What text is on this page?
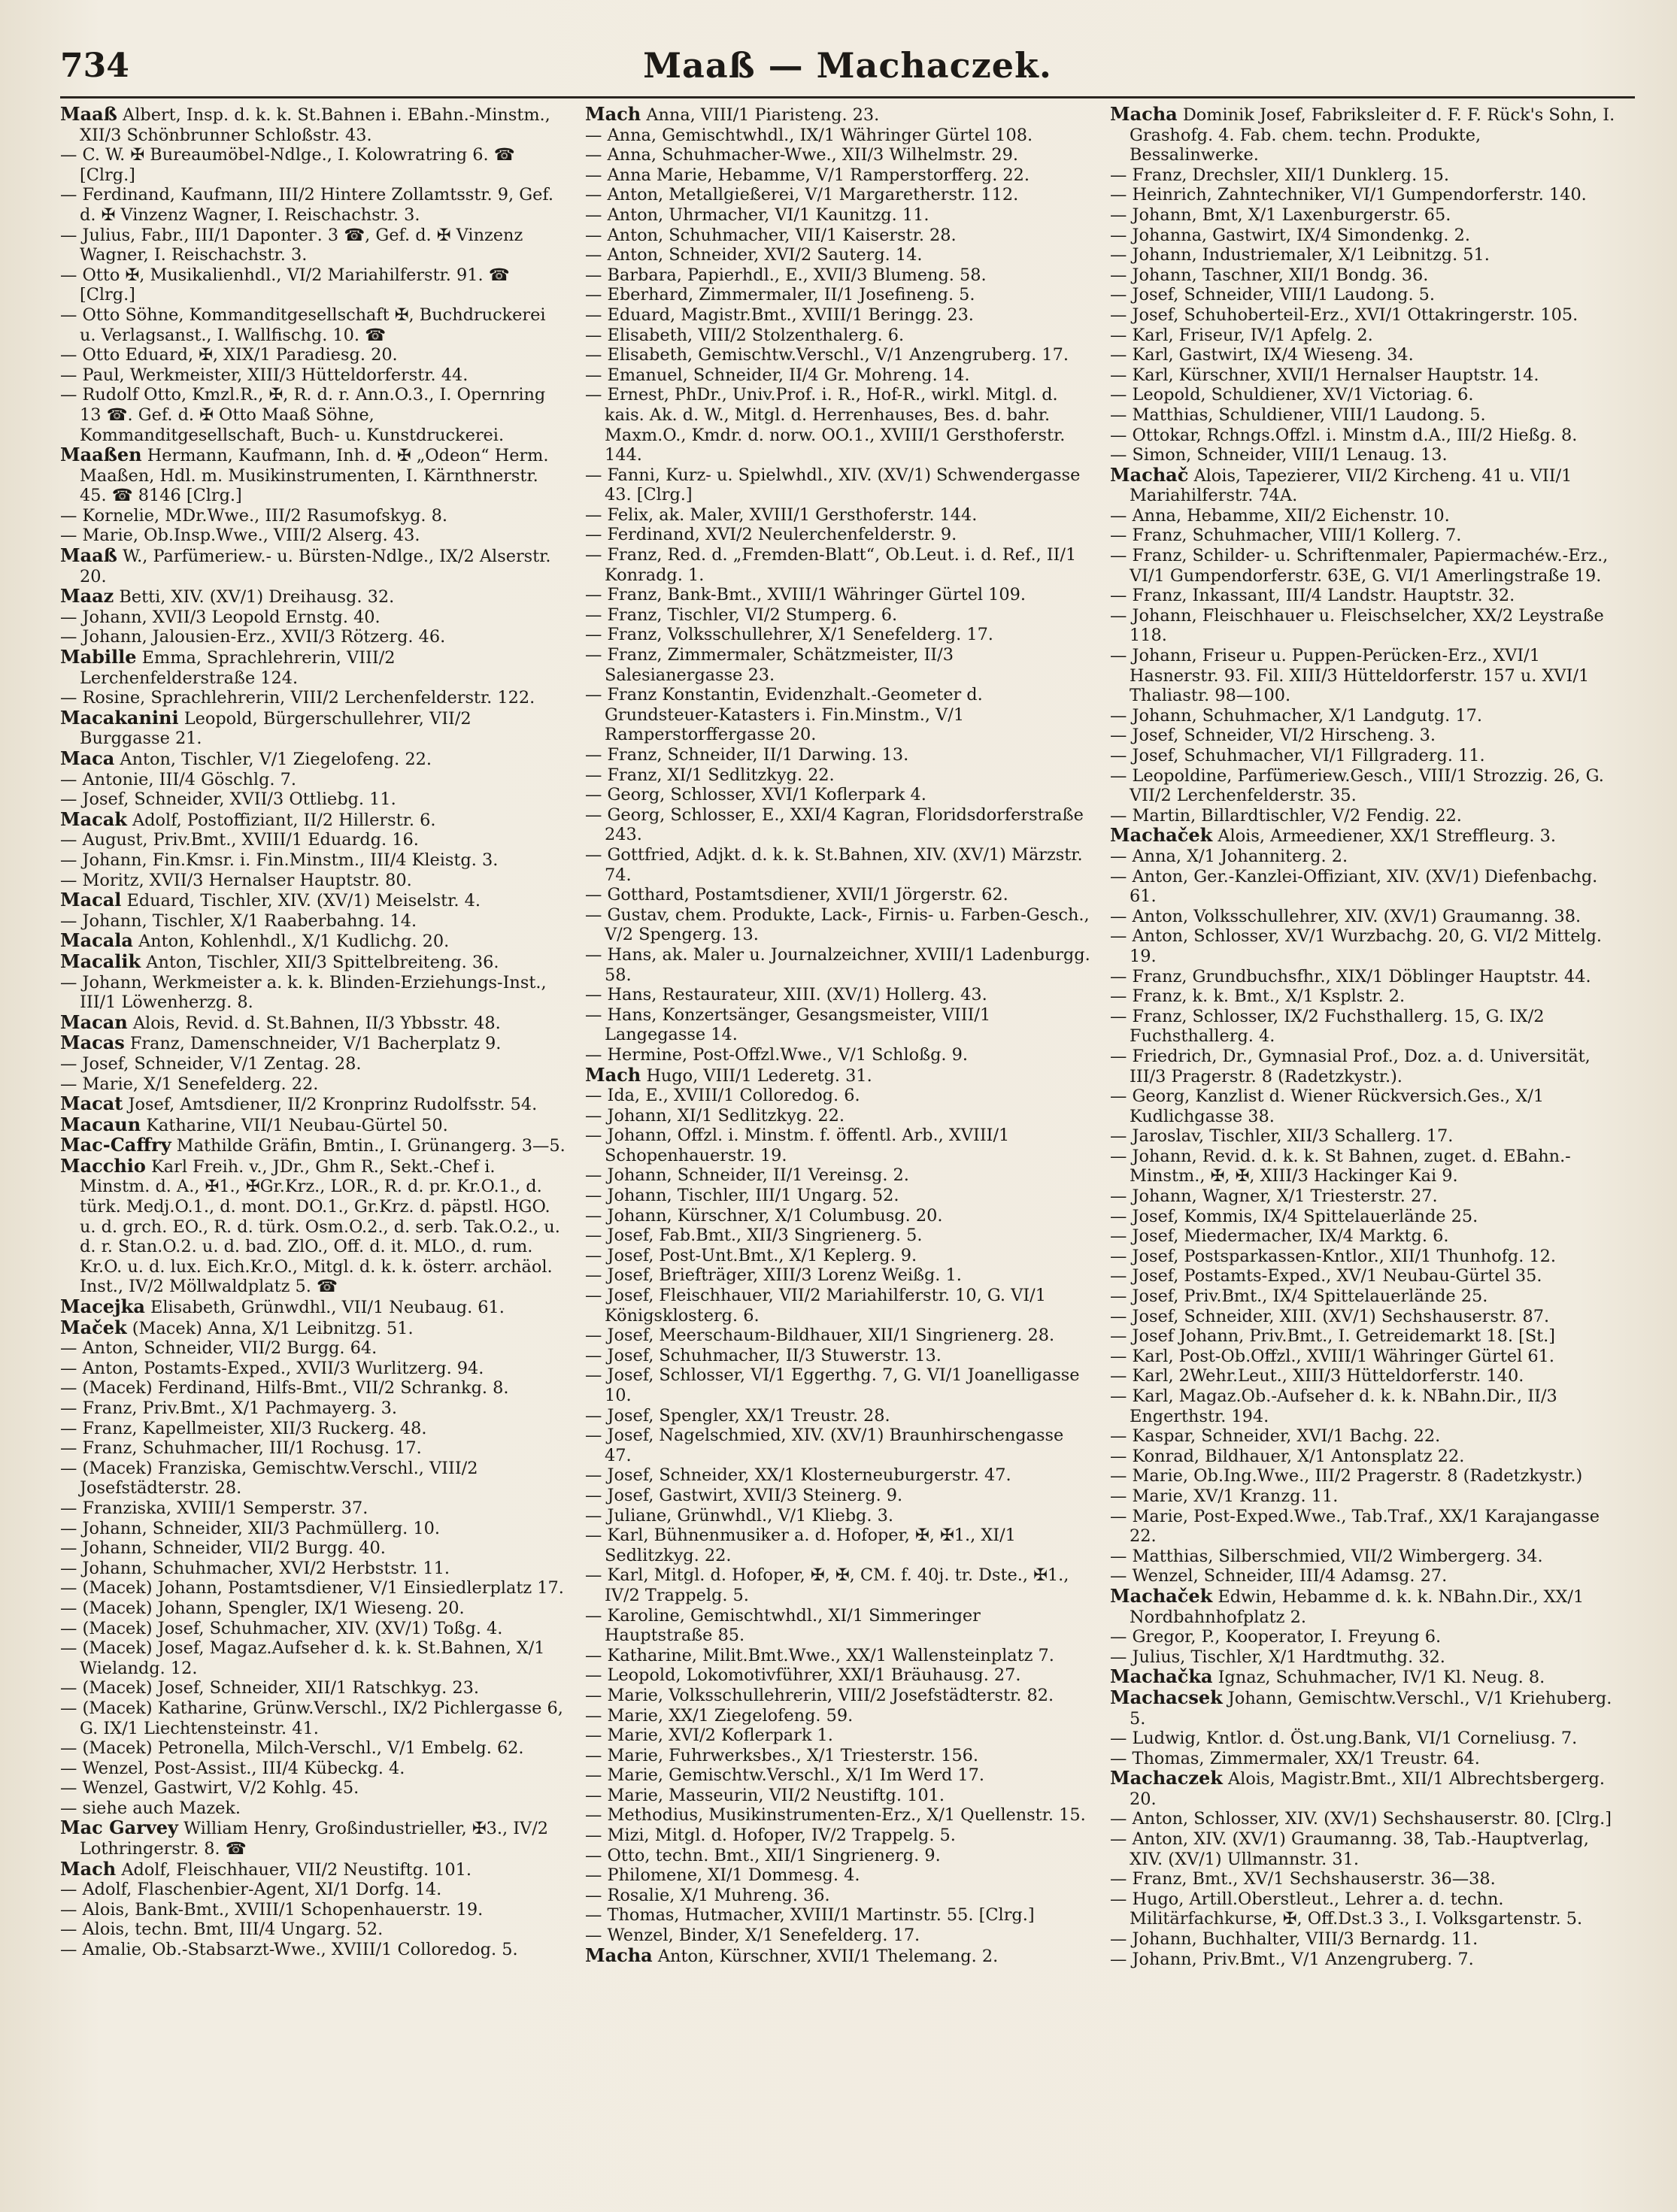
734	Maaß — Machaczek.
Maaß Albert, Insp. d. k. k. St.Bahnen i. EBahn.-Minstm., XII/3 Schönbrunner Schloßstr. 43.
— C. W. ✠ Bureaumöbel-Ndlge., I. Kolowratring 6. ☎ [Clrg.]
— Ferdinand, Kaufmann, III/2 Hintere Zollamtsstr. 9, Gef. d. ✠ Vinzenz Wagner, I. Reischachstr. 3.
— Julius, Fabr., III/1 Dapontег. 3 ☎, Gef. d. ✠ Vinzenz Wagner, I. Reischachstr. 3.
— Otto ✠, Musikalienhdl., VI/2 Mariahilferstr. 91. ☎ [Clrg.]
— Otto Söhne, Kommanditgesellschaft ✠, Buchdruckerei u. Verlagsanst., I. Wallfischg. 10. ☎
— Otto Eduard, ✠, XIX/1 Paradiesg. 20.
— Paul, Werkmeister, XIII/3 Hütteldorferstr. 44.
— Rudolf Otto, Kmzl.R., ✠, R. d. r. Ann.O.3., I. Opernring 13 ☎. Gef. d. ✠ Otto Maaß Söhne, Kommanditgesellschaft, Buch- u. Kunstdruckerei.
Maaßen Hermann, Kaufmann, Inh. d. ✠ „Odeon“ Herm. Maaßen, Hdl. m. Musikinstrumenten, I. Kärnthnerstr. 45. ☎ 8146 [Clrg.]
— Kornelie, MDr.Wwe., III/2 Rasumofskyg. 8.
— Marie, Ob.Insp.Wwe., VIII/2 Alserg. 43.
Maaß W., Parfümeriew.- u. Bürsten-Ndlge., IX/2 Alserstr. 20.
Maaz Betti, XIV. (XV/1) Dreihausg. 32.
— Johann, XVII/3 Leopold Ernstg. 40.
— Johann, Jalousien-Erz., XVII/3 Rötzerg. 46.
Mabille Emma, Sprachlehrerin, VIII/2 Lerchenfelderstraße 124.
— Rosine, Sprachlehrerin, VIII/2 Lerchenfelderstr. 122.
Macakanini Leopold, Bürgerschullehrer, VII/2 Burggasse 21.
Maca Anton, Tischler, V/1 Ziegelofeng. 22.
— Antonie, III/4 Göschlg. 7.
— Josef, Schneider, XVII/3 Ottliebg. 11.
Macak Adolf, Postoffiziant, II/2 Hillerstr. 6.
— August, Priv.Bmt., XVIII/1 Eduardg. 16.
— Johann, Fin.Kmsr. i. Fin.Minstm., III/4 Kleistg. 3.
— Moritz, XVII/3 Hernalser Hauptstr. 80.
Macal Eduard, Tischler, XIV. (XV/1) Meiselstr. 4.
— Johann, Tischler, X/1 Raaberbahng. 14.
Macala Anton, Kohlenhdl., X/1 Kudlichg. 20.
Macalik Anton, Tischler, XII/3 Spittelbreiteng. 36.
— Johann, Werkmeister a. k. k. Blinden-Erziehungs-Inst., III/1 Löwenherzg. 8.
Macan Alois, Revid. d. St.Bahnen, II/3 Ybbsstr. 48.
Macas Franz, Damenschneider, V/1 Bacherplatz 9.
— Josef, Schneider, V/1 Zentag. 28.
— Marie, X/1 Senefelderg. 22.
Macat Josef, Amtsdiener, II/2 Kronprinz Rudolfsstr. 54.
Macaun Katharine, VII/1 Neubau-Gürtel 50.
Mac-Caffry Mathilde Gräfin, Bmtin., I. Grünangerg. 3—5.
Macchio Karl Freih. v., JDr., Ghm R., Sekt.-Chef i. Minstm. d. A., ✠1., ✠Gr.Krz., LOR., R. d. pr. Kr.O.1., d. türk. Medj.O.1., d. mont. DO.1., Gr.Krz. d. päpstl. HGO. u. d. grch. EO., R. d. türk. Osm.O.2., d. serb. Tak.O.2., u. d. r. Stan.O.2. u. d. bad. ZlO., Off. d. it. MLO., d. rum. Kr.O. u. d. lux. Eich.Kr.O., Mitgl. d. k. k. österr. archäol. Inst., IV/2 Möllwaldplatz 5. ☎
Macejka Elisabeth, Grünwdhl., VII/1 Neubaug. 61.
Maček (Macek) Anna, X/1 Leibnitzg. 51.
— Anton, Schneider, VII/2 Burgg. 64.
— Anton, Postamts-Exped., XVII/3 Wurlitzerg. 94.
— (Macek) Ferdinand, Hilfs-Bmt., VII/2 Schrankg. 8.
— Franz, Priv.Bmt., X/1 Pachmayerg. 3.
— Franz, Kapellmeister, XII/3 Ruckerg. 48.
— Franz, Schuhmacher, III/1 Rochusg. 17.
— (Macek) Franziska, Gemischtw.Verschl., VIII/2 Josefstädterstr. 28.
— Franziska, XVIII/1 Semperstr. 37.
— Johann, Schneider, XII/3 Pachmüllerg. 10.
— Johann, Schneider, VII/2 Burgg. 40.
— Johann, Schuhmacher, XVI/2 Herbststr. 11.
— (Macek) Johann, Postamtsdiener, V/1 Einsiedlerplatz 17.
— (Macek) Johann, Spengler, IX/1 Wieseng. 20.
— (Macek) Josef, Schuhmacher, XIV. (XV/1) Toßg. 4.
— (Macek) Josef, Magaz.Aufseher d. k. k. St.Bahnen, X/1 Wielandg. 12.
— (Macek) Josef, Schneider, XII/1 Ratschkyg. 23.
— (Macek) Katharine, Grünw.Verschl., IX/2 Pichlergasse 6, G. IX/1 Liechtensteinstr. 41.
— (Macek) Petronella, Milch-Verschl., V/1 Embelg. 62.
— Wenzel, Post-Assist., III/4 Kübeckg. 4.
— Wenzel, Gastwirt, V/2 Kohlg. 45.
— siehe auch Mazek.
Mac Garvey William Henry, Großindustrieller, ✠3., IV/2 Lothringerstr. 8. ☎
Mach Adolf, Fleischhauer, VII/2 Neustiftg. 101.
— Adolf, Flaschenbier-Agent, XI/1 Dorfg. 14.
— Alois, Bank-Bmt., XVIII/1 Schopenhauerstr. 19.
— Alois, techn. Bmt, III/4 Ungarg. 52.
— Amalie, Ob.-Stabsarzt-Wwe., XVIII/1 Colloredog. 5.
Mach Anna, VIII/1 Piaristeng. 23.
— Anna, Gemischtwhdl., IX/1 Währinger Gürtel 108.
— Anna, Schuhmacher-Wwe., XII/3 Wilhelmstr. 29.
— Anna Marie, Hebamme, V/1 Ramperstorfferg. 22.
— Anton, Metallgießerei, V/1 Margaretherstr. 112.
— Anton, Uhrmacher, VI/1 Kaunitzg. 11.
— Anton, Schuhmacher, VII/1 Kaiserstr. 28.
— Anton, Schneider, XVI/2 Sauterg. 14.
— Barbara, Papierhdl., E., XVII/3 Blumeng. 58.
— Eberhard, Zimmermaler, II/1 Josefineng. 5.
— Eduard, Magistr.Bmt., XVIII/1 Beringg. 23.
— Elisabeth, VIII/2 Stolzenthalerg. 6.
— Elisabeth, Gemischtw.Verschl., V/1 Anzengruberg. 17.
— Emanuel, Schneider, II/4 Gr. Mohreng. 14.
— Ernest, PhDr., Univ.Prof. i. R., Hof-R., wirkl. Mitgl. d. kais. Ak. d. W., Mitgl. d. Herrenhauses, Bes. d. bahr. Maxm.O., Kmdr. d. norw. OO.1., XVIII/1 Gersthoferstr. 144.
— Fanni, Kurz- u. Spielwhdl., XIV. (XV/1) Schwendergasse 43. [Clrg.]
— Felix, ak. Maler, XVIII/1 Gersthoferstr. 144.
— Ferdinand, XVI/2 Neulerchenfelderstr. 9.
— Franz, Red. d. „Fremden-Blatt“, Ob.Leut. i. d. Ref., II/1 Konradg. 1.
— Franz, Bank-Bmt., XVIII/1 Währinger Gürtel 109.
— Franz, Tischler, VI/2 Stumperg. 6.
— Franz, Volksschullehrer, X/1 Senefelderg. 17.
— Franz, Zimmermaler, Schätzmeister, II/3 Salesianergasse 23.
— Franz Konstantin, Evidenzhalt.-Geometer d. Grundsteuer-Katasters i. Fin.Minstm., V/1 Ramperstorffergasse 20.
— Franz, Schneider, II/1 Darwing. 13.
— Franz, XI/1 Sedlitzkyg. 22.
— Georg, Schlosser, XVI/1 Koflerpark 4.
— Georg, Schlosser, E., XXI/4 Kagran, Floridsdorferstraße 243.
— Gottfried, Adjkt. d. k. k. St.Bahnen, XIV. (XV/1) Märzstr. 74.
— Gotthard, Postamtsdiener, XVII/1 Jörgerstr. 62.
— Gustav, chem. Produkte, Lack-, Firnis- u. Farben-Gesch., V/2 Spengerg. 13.
— Hans, ak. Maler u. Journalzeichner, XVIII/1 Ladenburgg. 58.
— Hans, Restaurateur, XIII. (XV/1) Hollerg. 43.
— Hans, Konzertsänger, Gesangsmeister, VIII/1 Langegasse 14.
— Hermine, Post-Offzl.Wwe., V/1 Schloßg. 9.
Mach Hugo, VIII/1 Lederetg. 31.
— Ida, E., XVIII/1 Colloredog. 6.
— Johann, XI/1 Sedlitzkyg. 22.
— Johann, Offzl. i. Minstm. f. öffentl. Arb., XVIII/1 Schopenhauerstr. 19.
— Johann, Schneider, II/1 Vereinsg. 2.
— Johann, Tischler, III/1 Ungarg. 52.
— Johann, Kürschner, X/1 Columbusg. 20.
— Josef, Fab.Bmt., XII/3 Singrienerg. 5.
— Josef, Post-Unt.Bmt., X/1 Keplerg. 9.
— Josef, Briefträger, XIII/3 Lorenz Weißg. 1.
— Josef, Fleischhauer, VII/2 Mariahilferstr. 10, G. VI/1 Königsklosterg. 6.
— Josef, Meerschaum-Bildhauer, XII/1 Singrienerg. 28.
— Josef, Schuhmacher, II/3 Stuwerstr. 13.
— Josef, Schlosser, VI/1 Eggerthg. 7, G. VI/1 Joanelligasse 10.
— Josef, Spengler, XX/1 Treustr. 28.
— Josef, Nagelschmied, XIV. (XV/1) Braunhirschengasse 47.
— Josef, Schneider, XX/1 Klosterneuburgerstr. 47.
— Josef, Gastwirt, XVII/3 Steinerg. 9.
— Juliane, Grünwhdl., V/1 Kliebg. 3.
— Karl, Bühnenmusiker a. d. Hofoper, ✠, ✠1., XI/1 Sedlitzkyg. 22.
— Karl, Mitgl. d. Hofoper, ✠, ✠, CM. f. 40j. tr. Dste., ✠1., IV/2 Trappelg. 5.
— Karoline, Gemischtwhdl., XI/1 Simmeringer Hauptstraße 85.
— Katharine, Milit.Bmt.Wwe., XX/1 Wallensteinplatz 7.
— Leopold, Lokomotivführer, XXI/1 Bräuhausg. 27.
— Marie, Volksschullehrerin, VIII/2 Josefstädterstr. 82.
— Marie, XX/1 Ziegelofeng. 59.
— Marie, XVI/2 Koflerpark 1.
— Marie, Fuhrwerksbes., X/1 Triesterstr. 156.
— Marie, Gemischtw.Verschl., X/1 Im Werd 17.
— Marie, Masseurin, VII/2 Neustiftg. 101.
— Methodius, Musikinstrumenten-Erz., X/1 Quellenstr. 15.
— Mizi, Mitgl. d. Hofoper, IV/2 Trappelg. 5.
— Otto, techn. Bmt., XII/1 Singrienerg. 9.
— Philomene, XI/1 Dommesg. 4.
— Rosalie, X/1 Muhreng. 36.
— Thomas, Hutmacher, XVIII/1 Martinstr. 55. [Clrg.]
— Wenzel, Binder, X/1 Senefelderg. 17.
Macha Anton, Kürschner, XVII/1 Thelemang. 2.
Macha Dominik Josef, Fabriksleiter d. F. F. Rück's Sohn, I. Grashofg. 4. Fab. chem. techn. Produkte, Bessalinwerke.
— Franz, Drechsler, XII/1 Dunklerg. 15.
— Heinrich, Zahntechniker, VI/1 Gumpendorferstr. 140.
— Johann, Bmt, X/1 Laxenburgerstr. 65.
— Johanna, Gastwirt, IX/4 Simondenkg. 2.
— Johann, Industriemaler, X/1 Leibnitzg. 51.
— Johann, Taschner, XII/1 Bondg. 36.
— Josef, Schneider, VIII/1 Laudong. 5.
— Josef, Schuhoberteil-Erz., XVI/1 Ottakringerstr. 105.
— Karl, Friseur, IV/1 Apfelg. 2.
— Karl, Gastwirt, IX/4 Wieseng. 34.
— Karl, Kürschner, XVII/1 Hernalser Hauptstr. 14.
— Leopold, Schuldiener, XV/1 Victoriag. 6.
— Matthias, Schuldiener, VIII/1 Laudong. 5.
— Ottokar, Rchngs.Offzl. i. Minstm d.A., III/2 Hießg. 8.
— Simon, Schneider, VIII/1 Lenaug. 13.
Machač Alois, Tapezierer, VII/2 Kircheng. 41 u. VII/1 Mariahilferstr. 74A.
— Anna, Hebamme, XII/2 Eichenstr. 10.
— Franz, Schuhmacher, VIII/1 Kollerg. 7.
— Franz, Schilder- u. Schriftenmaler, Papiermachéw.-Erz., VI/1 Gumpendorferstr. 63E, G. VI/1 Amerlingstraße 19.
— Franz, Inkassant, III/4 Landstr. Hauptstr. 32.
— Johann, Fleischhauer u. Fleischselcher, XX/2 Leystraße 118.
— Johann, Friseur u. Puppen-Perücken-Erz., XVI/1 Hasnerstr. 93. Fil. XIII/3 Hütteldorferstr. 157 u. XVI/1 Thaliastr. 98—100.
— Johann, Schuhmacher, X/1 Landgutg. 17.
— Josef, Schneider, VI/2 Hirscheng. 3.
— Josef, Schuhmacher, VI/1 Fillgraderg. 11.
— Leopoldine, Parfümeriew.Gesch., VIII/1 Strozzig. 26, G. VII/2 Lerchenfelderstr. 35.
— Martin, Billardtischler, V/2 Fendig. 22.
Machaček Alois, Armeediener, XX/1 Streffleurg. 3.
— Anna, X/1 Johanniterg. 2.
— Anton, Ger.-Kanzlei-Offiziant, XIV. (XV/1) Diefenbachg. 61.
— Anton, Volksschullehrer, XIV. (XV/1) Graumanng. 38.
— Anton, Schlosser, XV/1 Wurzbachg. 20, G. VI/2 Mittelg. 19.
— Franz, Grundbuchsfhr., XIX/1 Döblinger Hauptstr. 44.
— Franz, k. k. Bmt., X/1 Ksplstr. 2.
— Franz, Schlosser, IX/2 Fuchsthallerg. 15, G. IX/2 Fuchsthallerg. 4.
— Friedrich, Dr., Gymnasial Prof., Doz. a. d. Universität, III/3 Pragerstr. 8 (Radetzkystr.).
— Georg, Kanzlist d. Wiener Rückversich.Ges., X/1 Kudlichgasse 38.
— Jaroslav, Tischler, XII/3 Schallerg. 17.
— Johann, Revid. d. k. k. St Bahnen, zuget. d. EBahn.-Minstm., ✠, ✠, XIII/3 Hackinger Kai 9.
— Johann, Wagner, X/1 Triesterstr. 27.
— Josef, Kommis, IX/4 Spittelauerlände 25.
— Josef, Miedermacher, IX/4 Marktg. 6.
— Josef, Postsparkassen-Kntlor., XII/1 Thunhofg. 12.
— Josef, Postamts-Exped., XV/1 Neubau-Gürtel 35.
— Josef, Priv.Bmt., IX/4 Spittelauerlände 25.
— Josef, Schneider, XIII. (XV/1) Sechshauserstr. 87.
— Josef Johann, Priv.Bmt., I. Getreidemarkt 18. [St.]
— Karl, Post-Ob.Offzl., XVIII/1 Währinger Gürtel 61.
— Karl, 2Wehr.Leut., XIII/3 Hütteldorferstr. 140.
— Karl, Magaz.Ob.-Aufseher d. k. k. NBahn.Dir., II/3 Engerthstr. 194.
— Kaspar, Schneider, XVI/1 Bachg. 22.
— Konrad, Bildhauer, X/1 Antonsplatz 22.
— Marie, Ob.Ing.Wwe., III/2 Pragerstr. 8 (Radetzkystr.)
— Marie, XV/1 Kranzg. 11.
— Marie, Post-Exped.Wwe., Tab.Traf., XX/1 Karajangasse 22.
— Matthias, Silberschmied, VII/2 Wimbergerg. 34.
— Wenzel, Schneider, III/4 Adamsg. 27.
Machaček Edwin, Hebamme d. k. k. NBahn.Dir., XX/1 Nordbahnhofplatz 2.
— Gregor, P., Kooperator, I. Freyung 6.
— Julius, Tischler, X/1 Hardtmuthg. 32.
Machačka Ignaz, Schuhmacher, IV/1 Kl. Neug. 8.
Machacsek Johann, Gemischtw.Verschl., V/1 Kriehuberg. 5.
— Ludwig, Kntlor. d. Öst.ung.Bank, VI/1 Corneliusg. 7.
— Thomas, Zimmermaler, XX/1 Treustr. 64.
Machaczek Alois, Magistr.Bmt., XII/1 Albrechtsbergerg. 20.
— Anton, Schlosser, XIV. (XV/1) Sechshauserstr. 80. [Clrg.]
— Anton, XIV. (XV/1) Graumanng. 38, Tab.-Hauptverlag, XIV. (XV/1) Ullmannstr. 31.
— Franz, Bmt., XV/1 Sechshauserstr. 36—38.
— Hugo, Artill.Oberstleut., Lehrer a. d. techn. Militärfachkurse, ✠, Off.Dst.3 3., I. Volksgartenstr. 5.
— Johann, Buchhalter, VIII/3 Bernardg. 11.
— Johann, Priv.Bmt., V/1 Anzengruberg. 7.
